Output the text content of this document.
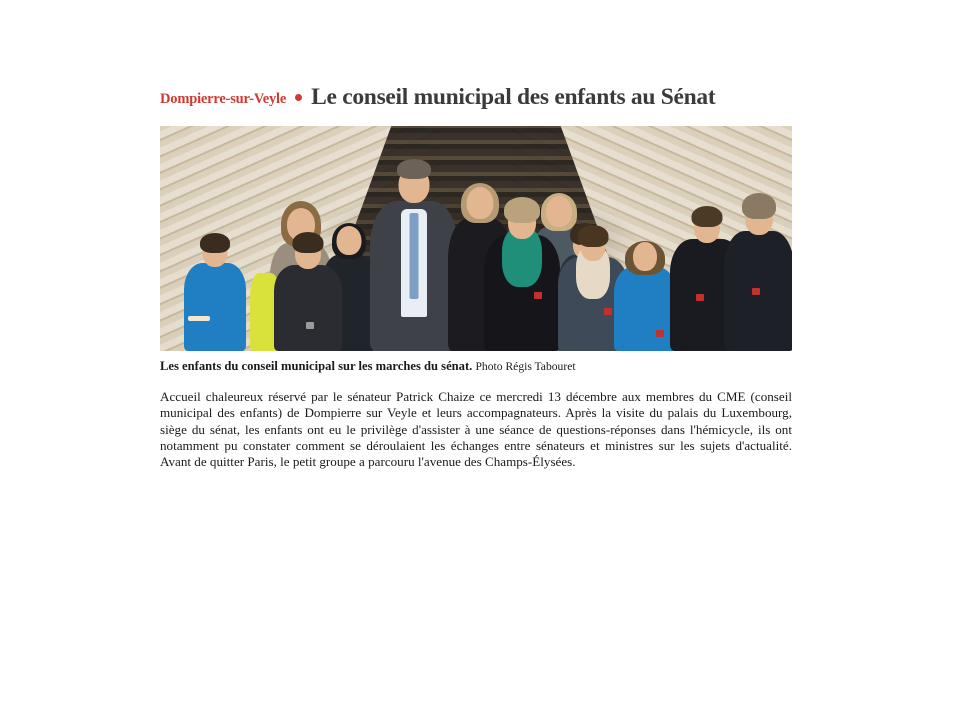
Dompierre-sur-Veyle Le conseil municipal des enfants au Sénat
Les enfants du conseil municipal sur les marches du sénat. Photo Régis Tabouret

Accueil chaleureux réservé par le sénateur Patrick Chaize ce mercredi 13 décembre aux membres du CME (conseil municipal des enfants) de Dompierre sur Veyle et leurs accompagnateurs. Après la visite du palais du Luxembourg, siège du sénat, les enfants ont eu le privilège d'assister à une séance de questions-réponses dans l'hémicycle, ils ont notamment pu constater comment se déroulaient les échanges entre sénateurs et ministres sur les sujets d'actualité. Avant de quitter Paris, le petit groupe a parcouru l'avenue des Champs-Élysées.
